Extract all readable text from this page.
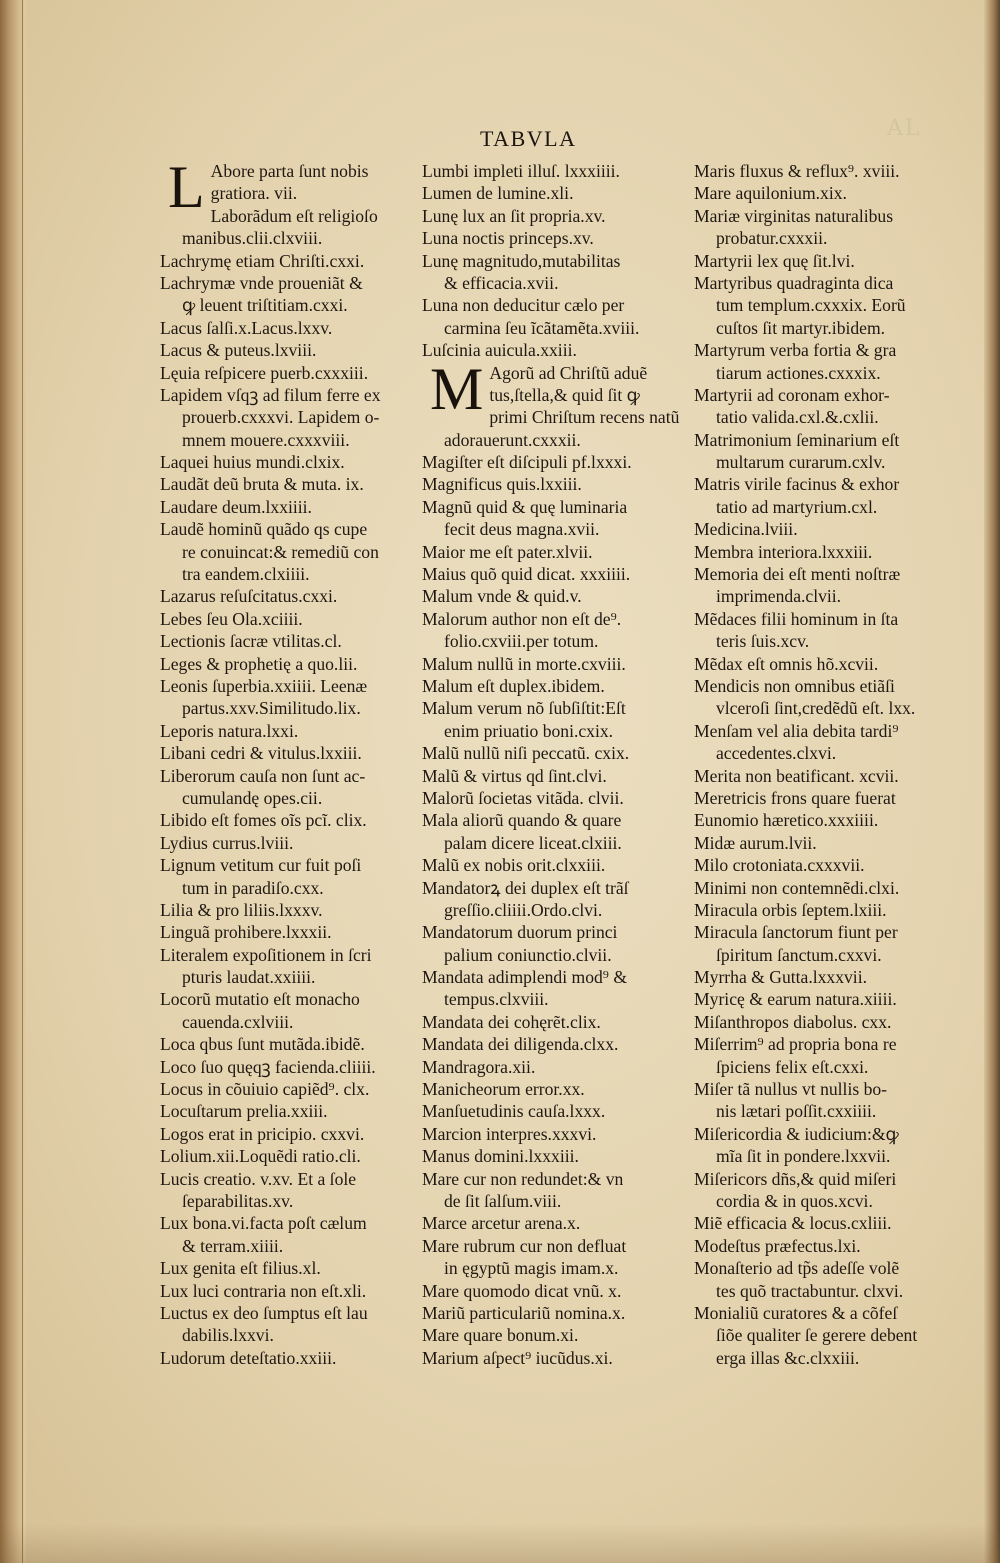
AL
TABVLA
L Abore parta ſunt nobis
gratiora. vii.
Laborãdum eſt religioſo
manibus.clii.clxviii.
Lachrymę etiam Chriſti.cxxi.
Lachrymæ vnde proueniãt &
ꝙ leuent triſtitiam.cxxi.
Lacus ſalſi.x.Lacus.lxxv.
Lacus & puteus.lxviii.
Lęuia reſpicere puerb.cxxxiii.
Lapidem vſqꝫ ad filum ferre ex
prouerb.cxxxvi. Lapidem o-
mnem mouere.cxxxviii.
Laquei huius mundi.clxix.
Laudãt deũ bruta & muta. ix.
Laudare deum.lxxiiii.
Laudẽ hominũ quãdo qs cupe
re conuincat:& remediũ con
tra eandem.clxiiii.
Lazarus reſuſcitatus.cxxi.
Lebes ſeu Ola.xciiii.
Lectionis ſacræ vtilitas.cl.
Leges & prophetię a quo.lii.
Leonis ſuperbia.xxiiii. Leenæ
partus.xxv.Similitudo.lix.
Leporis natura.lxxi.
Libani cedri & vitulus.lxxiii.
Liberorum cauſa non ſunt ac-
cumulandę opes.cii.
Libido eſt fomes oĩs pcĩ. clix.
Lydius currus.lviii.
Lignum vetitum cur fuit poſi
tum in paradiſo.cxx.
Lilia & pro liliis.lxxxv.
Linguã prohibere.lxxxii.
Literalem expoſitionem in ſcri
pturis laudat.xxiiii.
Locorũ mutatio eſt monacho
cauenda.cxlviii.
Loca qbus ſunt mutãda.ibidẽ.
Loco ſuo quęqꝫ facienda.cliiii.
Locus in cõuiuio capiẽd⁹. clx.
Locuſtarum prelia.xxiii.
Logos erat in pricipio. cxxvi.
Lolium.xii.Loquẽdi ratio.cli.
Lucis creatio. v.xv. Et a ſole
ſeparabilitas.xv.
Lux bona.vi.facta poſt cælum
& terram.xiiii.
Lux genita eſt filius.xl.
Lux luci contraria non eſt.xli.
Luctus ex deo ſumptus eſt lau
dabilis.lxxvi.
Ludorum deteſtatio.xxiii.
Lumbi impleti illuſ. lxxxiiii.
Lumen de lumine.xli.
Lunę lux an ſit propria.xv.
Luna noctis princeps.xv.
Lunę magnitudo,mutabilitas
& efficacia.xvii.
Luna non deducitur cælo per
carmina ſeu ĩcãtamẽta.xviii.
Luſcinia auicula.xxiii.
M Agorũ ad Chriſtũ aduẽ
tus,ſtella,& quid ſit ꝙ
primi Chriſtum recens natũ
adorauerunt.cxxxii.
Magiſter eſt diſcipuli pf.lxxxi.
Magnificus quis.lxxiii.
Magnũ quid & quę luminaria
fecit deus magna.xvii.
Maior me eſt pater.xlvii.
Maius quõ quid dicat. xxxiiii.
Malum vnde & quid.v.
Malorum author non eſt de⁹.
folio.cxviii.per totum.
Malum nullũ in morte.cxviii.
Malum eſt duplex.ibidem.
Malum verum nõ ſubſiſtit:Eſt
enim priuatio boni.cxix.
Malũ nullũ niſi peccatũ. cxix.
Malũ & virtus qd ſint.clvi.
Malorũ ſocietas vitãda. clvii.
Mala aliorũ quando & quare
palam dicere liceat.clxiii.
Malũ ex nobis orit.clxxiii.
Mandatorꝝ dei duplex eſt trãſ
greſſio.cliiii.Ordo.clvi.
Mandatorum duorum princi
palium coniunctio.clvii.
Mandata adimplendi mod⁹ &
tempus.clxviii.
Mandata dei cohęrẽt.clix.
Mandata dei diligenda.clxx.
Mandragora.xii.
Manicheorum error.xx.
Manſuetudinis cauſa.lxxx.
Marcion interpres.xxxvi.
Manus domini.lxxxiii.
Mare cur non redundet:& vn
de ſit ſalſum.viii.
Marce arcetur arena.x.
Mare rubrum cur non defluat
in ęgyptũ magis imam.x.
Mare quomodo dicat vnũ. x.
Mariũ particulariũ nomina.x.
Mare quare bonum.xi.
Marium aſpect⁹ iucũdus.xi.
Maris fluxus & reflux⁹. xviii.
Mare aquilonium.xix.
Mariæ virginitas naturalibus
probatur.cxxxii.
Martyrii lex quę ſit.lvi.
Martyribus quadraginta dica
tum templum.cxxxix. Eorũ
cuſtos ſit martyr.ibidem.
Martyrum verba fortia & gra
tiarum actiones.cxxxix.
Martyrii ad coronam exhor-
tatio valida.cxl.&.cxlii.
Matrimonium ſeminarium eſt
multarum curarum.cxlv.
Matris virile facinus & exhor
tatio ad martyrium.cxl.
Medicina.lviii.
Membra interiora.lxxxiii.
Memoria dei eſt menti noſtræ
imprimenda.clvii.
Mẽdaces filii hominum in ſta
teris ſuis.xcv.
Mẽdax eſt omnis hõ.xcvii.
Mendicis non omnibus etiãſi
vlceroſi ſint,credẽdũ eſt. lxx.
Menſam vel alia debita tardi⁹
accedentes.clxvi.
Merita non beatificant. xcvii.
Meretricis frons quare fuerat
Eunomio hæretico.xxxiiii.
Midæ aurum.lvii.
Milo crotoniata.cxxxvii.
Minimi non contemnẽdi.clxi.
Miracula orbis ſeptem.lxiii.
Miracula ſanctorum fiunt per
ſpiritum ſanctum.cxxvi.
Myrrha & Gutta.lxxxvii.
Myricę & earum natura.xiiii.
Miſanthropos diabolus. cxx.
Miſerrim⁹ ad propria bona re
ſpiciens felix eſt.cxxi.
Miſer tã nullus vt nullis bo-
nis lætari poſſit.cxxiiii.
Miſericordia & iudicium:&ꝙ
mĩa ſit in pondere.lxxvii.
Miſericors dñs,& quid miſeri
cordia & in quos.xcvi.
Miẽ efficacia & locus.cxliii.
Modeſtus præfectus.lxi.
Monaſterio ad tp̃s adeſſe volẽ
tes quõ tractabuntur. clxvi.
Monialiũ curatores & a cõfeſ
ſiõe qualiter ſe gerere debent
erga illas &c.clxxiii.
